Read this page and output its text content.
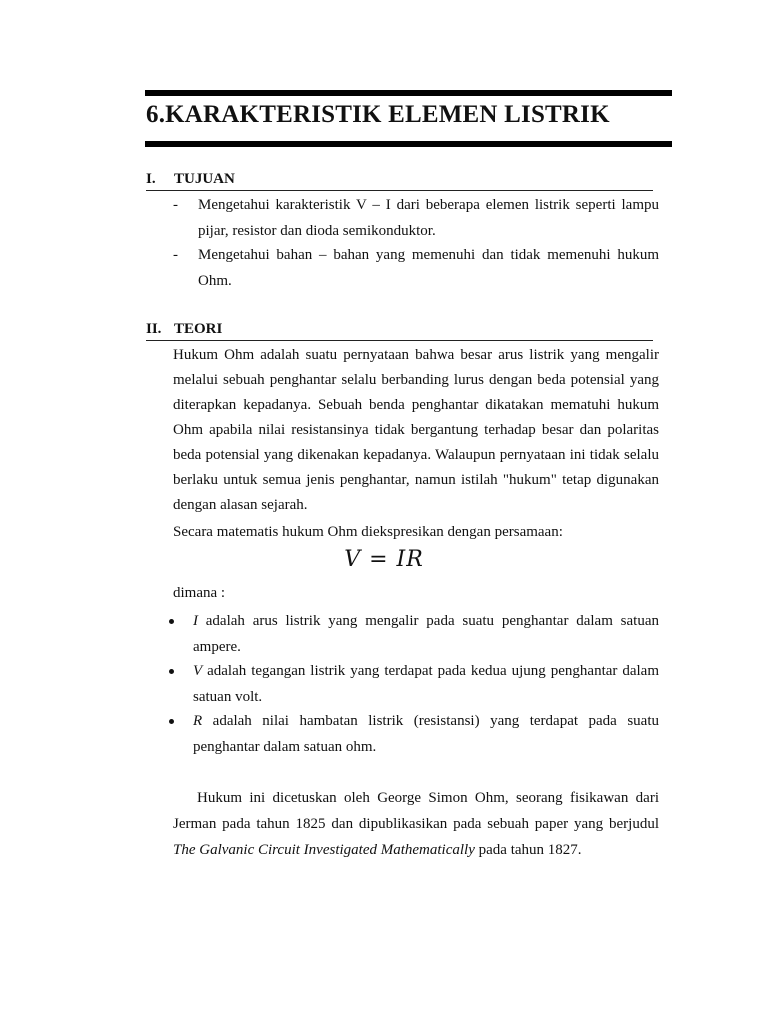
6.KARAKTERISTIK ELEMEN LISTRIK
I. TUJUAN
- Mengetahui karakteristik V – I dari beberapa elemen listrik seperti lampu pijar, resistor dan dioda semikonduktor.
- Mengetahui bahan – bahan yang memenuhi dan tidak memenuhi hukum Ohm.
II. TEORI

Hukum Ohm adalah suatu pernyataan bahwa besar arus listrik yang mengalir melalui sebuah penghantar selalu berbanding lurus dengan beda potensial yang diterapkan kepadanya. Sebuah benda penghantar dikatakan mematuhi hukum Ohm apabila nilai resistansinya tidak bergantung terhadap besar dan polaritas beda potensial yang dikenakan kepadanya. Walaupun pernyataan ini tidak selalu berlaku untuk semua jenis penghantar, namun istilah "hukum" tetap digunakan dengan alasan sejarah.

Secara matematis hukum Ohm diekspresikan dengan persamaan:

V = IR
dimana :
I adalah arus listrik yang mengalir pada suatu penghantar dalam satuan ampere.
V adalah tegangan listrik yang terdapat pada kedua ujung penghantar dalam satuan volt.
R adalah nilai hambatan listrik (resistansi) yang terdapat pada suatu penghantar dalam satuan ohm.

Hukum ini dicetuskan oleh George Simon Ohm, seorang fisikawan dari Jerman pada tahun 1825 dan dipublikasikan pada sebuah paper yang berjudul The Galvanic Circuit Investigated Mathematically pada tahun 1827.
